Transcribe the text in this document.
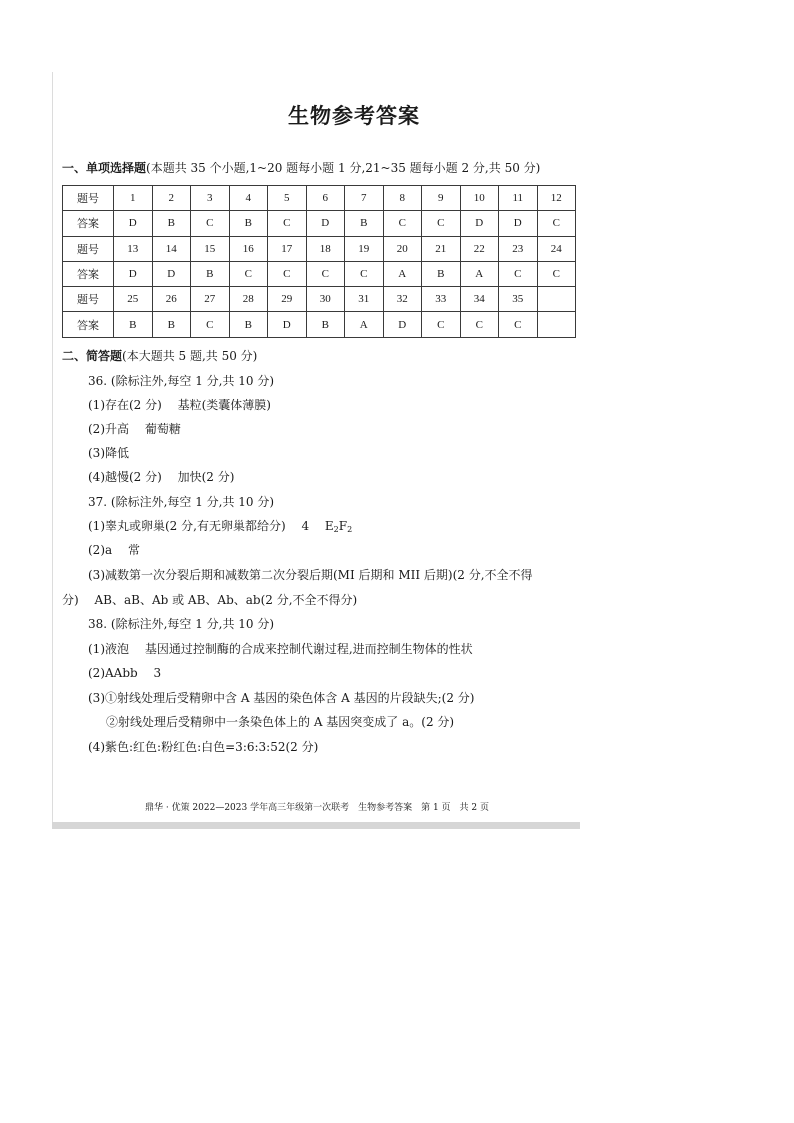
生物参考答案
一、单项选择题(本题共 35 个小题,1~20 题每小题 1 分,21~35 题每小题 2 分,共 50 分)
题号	1	2	3	4	5	6	7	8	9	10	11	12
答案	D	B	C	B	C	D	B	C	C	D	D	C
题号	13	14	15	16	17	18	19	20	21	22	23	24
答案	D	D	B	C	C	C	C	A	B	A	C	C
题号	25	26	27	28	29	30	31	32	33	34	35	
答案	B	B	C	B	D	B	A	D	C	C	C	
二、简答题(本大题共 5 题,共 50 分)
36. (除标注外,每空 1 分,共 10 分)
(1)存在(2 分)　 基粒(类囊体薄膜)
(2)升高　 葡萄糖
(3)降低
(4)越慢(2 分)　 加快(2 分)
37. (除标注外,每空 1 分,共 10 分)
(1)睾丸或卵巢(2 分,有无卵巢都给分)　 4　 $E_2F_2$
(2)a　 常
(3)减数第一次分裂后期和减数第二次分裂后期(MI 后期和 MII 后期)(2 分,不全不得
分)　 AB、aB、Ab 或 AB、Ab、ab(2 分,不全不得分)
38. (除标注外,每空 1 分,共 10 分)
(1)液泡　 基因通过控制酶的合成来控制代谢过程,进而控制生物体的性状
(2)AAbb　 3
(3)①射线处理后受精卵中含 A 基因的染色体含 A 基因的片段缺失;(2 分)
②射线处理后受精卵中一条染色体上的 A 基因突变成了 a。(2 分)
(4)紫色:红色:粉红色:白色=3:6:3:52(2 分)
鼎华 · 优策 2022—2023 学年高三年级第一次联考　生物参考答案　第 1 页　共 2 页
